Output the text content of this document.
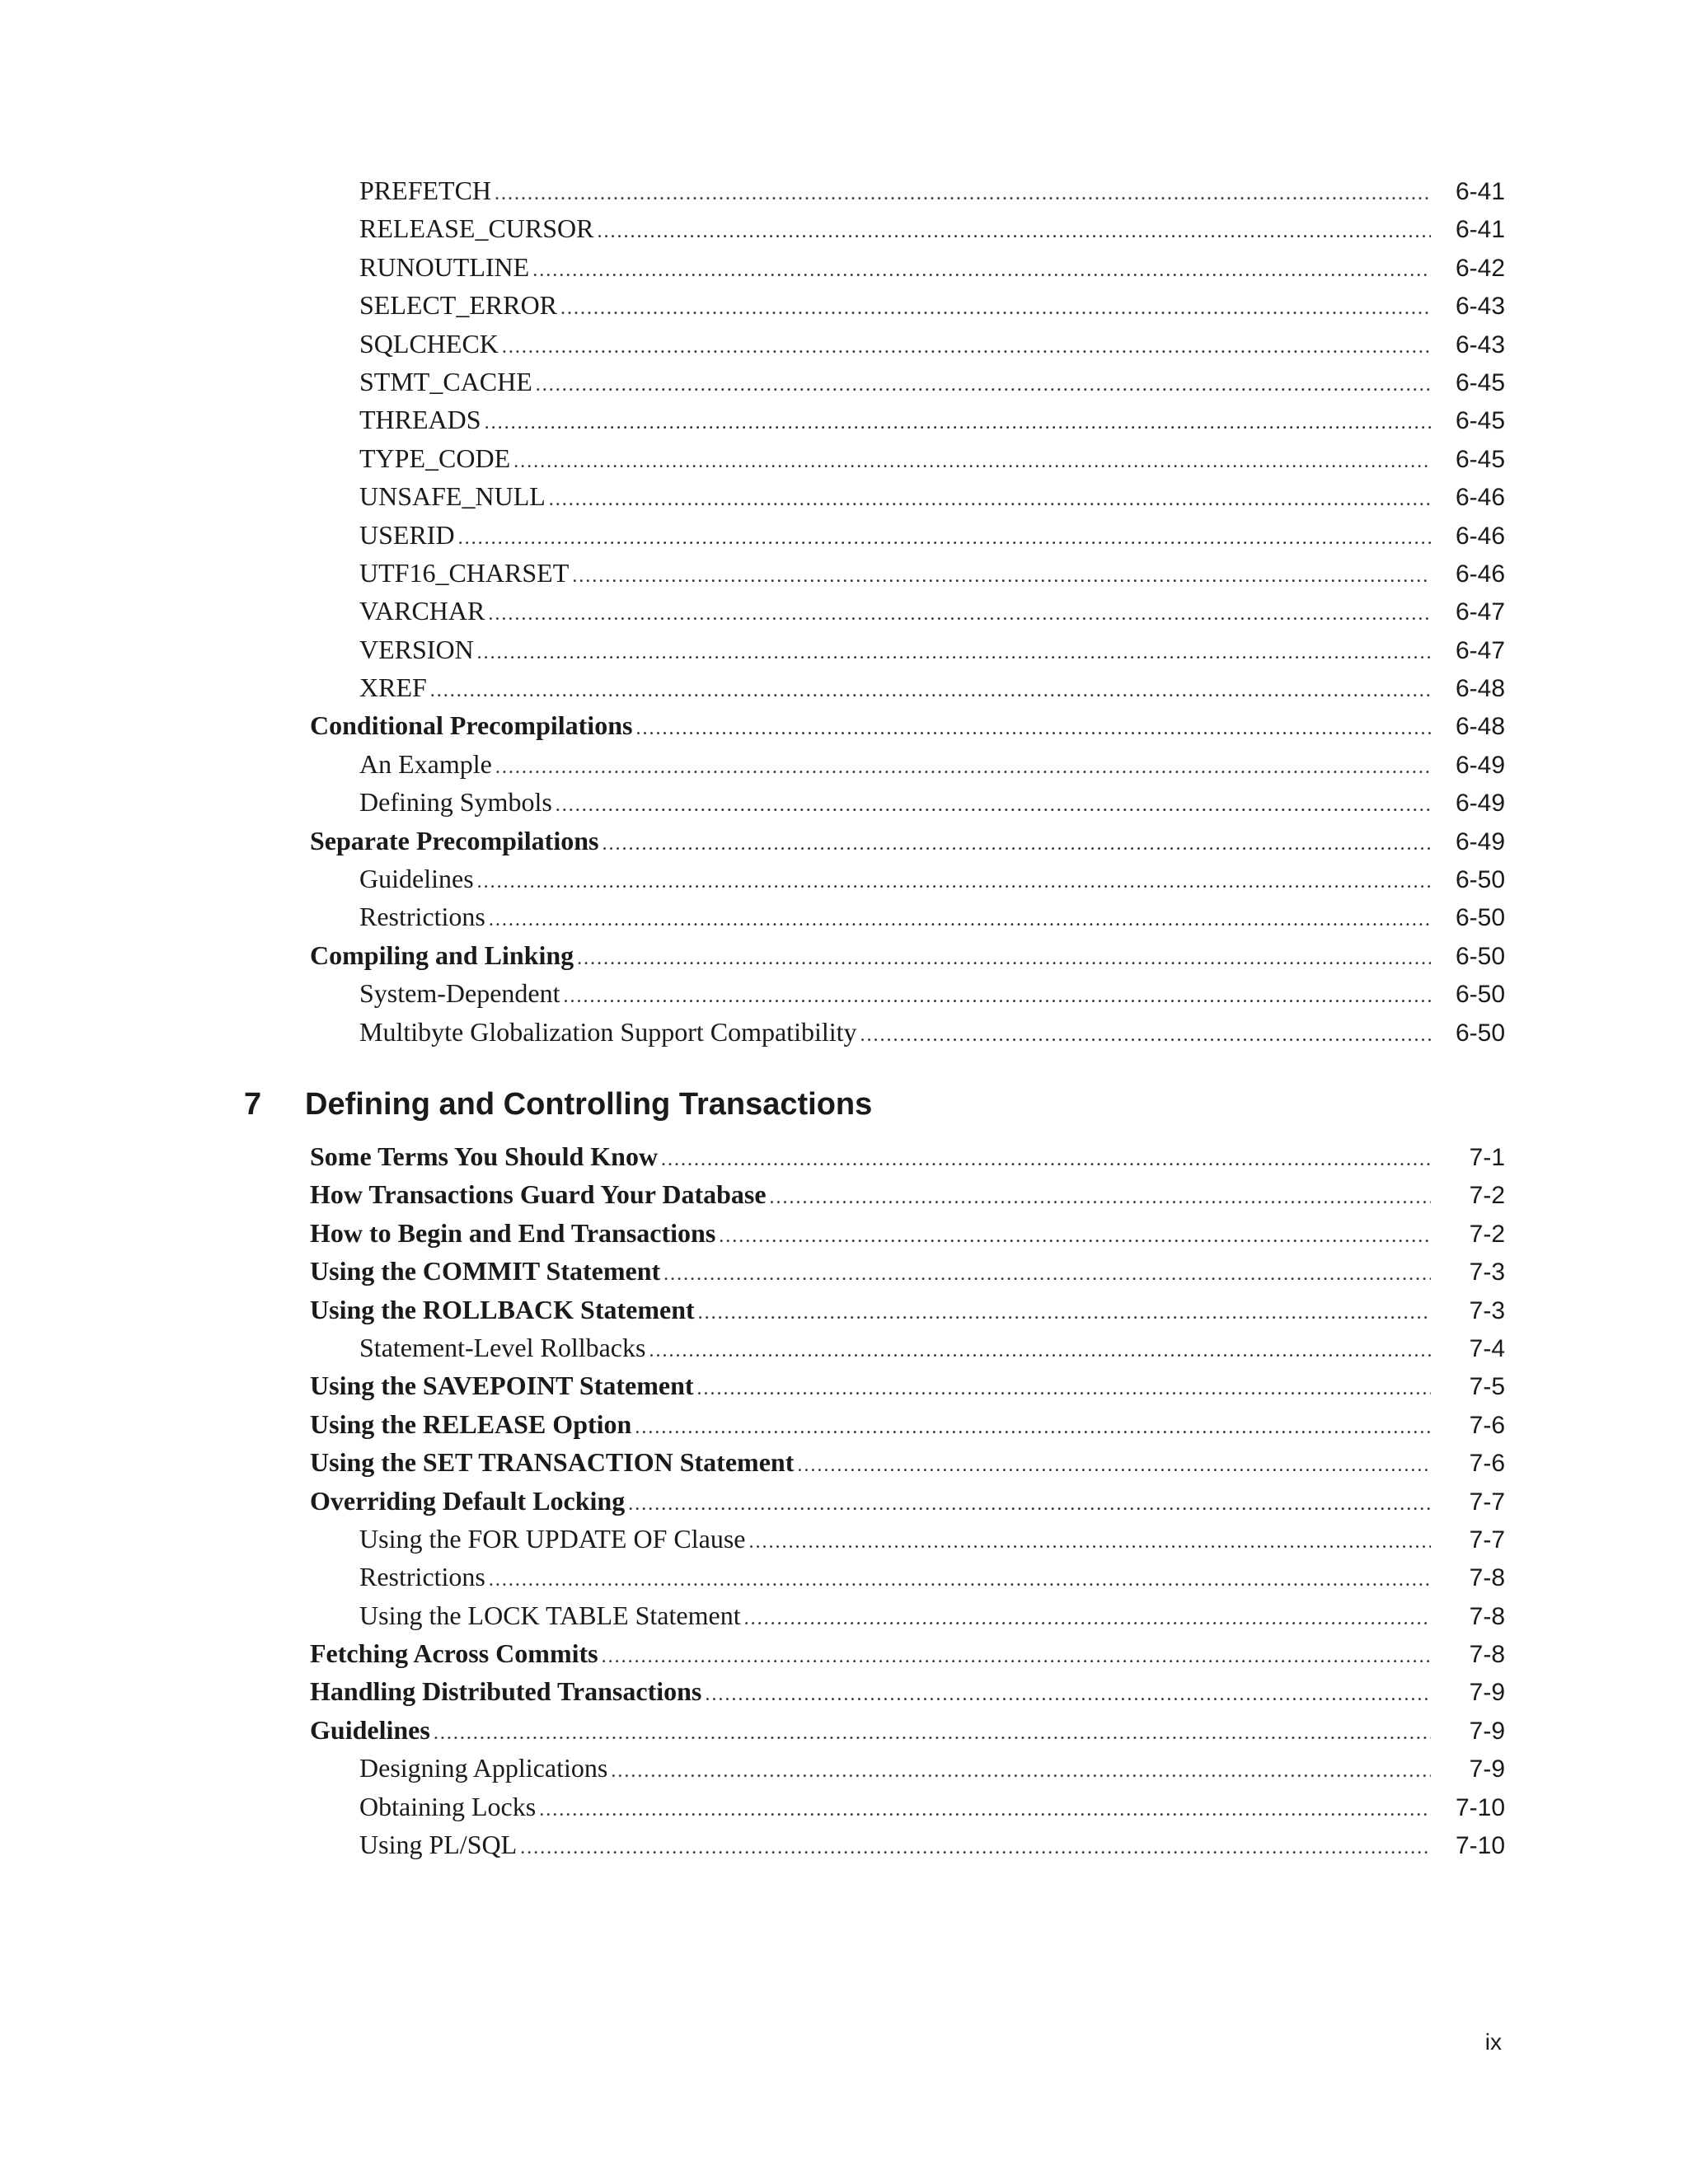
PREFETCH .....	6-41
RELEASE_CURSOR .....	6-41
RUNOUTLINE .....	6-42
SELECT_ERROR .....	6-43
SQLCHECK .....	6-43
STMT_CACHE .....	6-45
THREADS .....	6-45
TYPE_CODE .....	6-45
UNSAFE_NULL .....	6-46
USERID .....	6-46
UTF16_CHARSET .....	6-46
VARCHAR .....	6-47
VERSION .....	6-47
XREF .....	6-48
Conditional Precompilations .....	6-48
An Example .....	6-49
Defining Symbols .....	6-49
Separate Precompilations .....	6-49
Guidelines .....	6-50
Restrictions .....	6-50
Compiling and Linking .....	6-50
System-Dependent .....	6-50
Multibyte Globalization Support Compatibility .....	6-50
7 Defining and Controlling Transactions
Some Terms You Should Know .....	7-1
How Transactions Guard Your Database .....	7-2
How to Begin and End Transactions .....	7-2
Using the COMMIT Statement .....	7-3
Using the ROLLBACK Statement .....	7-3
Statement-Level Rollbacks .....	7-4
Using the SAVEPOINT Statement .....	7-5
Using the RELEASE Option .....	7-6
Using the SET TRANSACTION Statement .....	7-6
Overriding Default Locking .....	7-7
Using the FOR UPDATE OF Clause .....	7-7
Restrictions .....	7-8
Using the LOCK TABLE Statement .....	7-8
Fetching Across Commits .....	7-8
Handling Distributed Transactions .....	7-9
Guidelines .....	7-9
Designing Applications .....	7-9
Obtaining Locks .....	7-10
Using PL/SQL .....	7-10
ix
